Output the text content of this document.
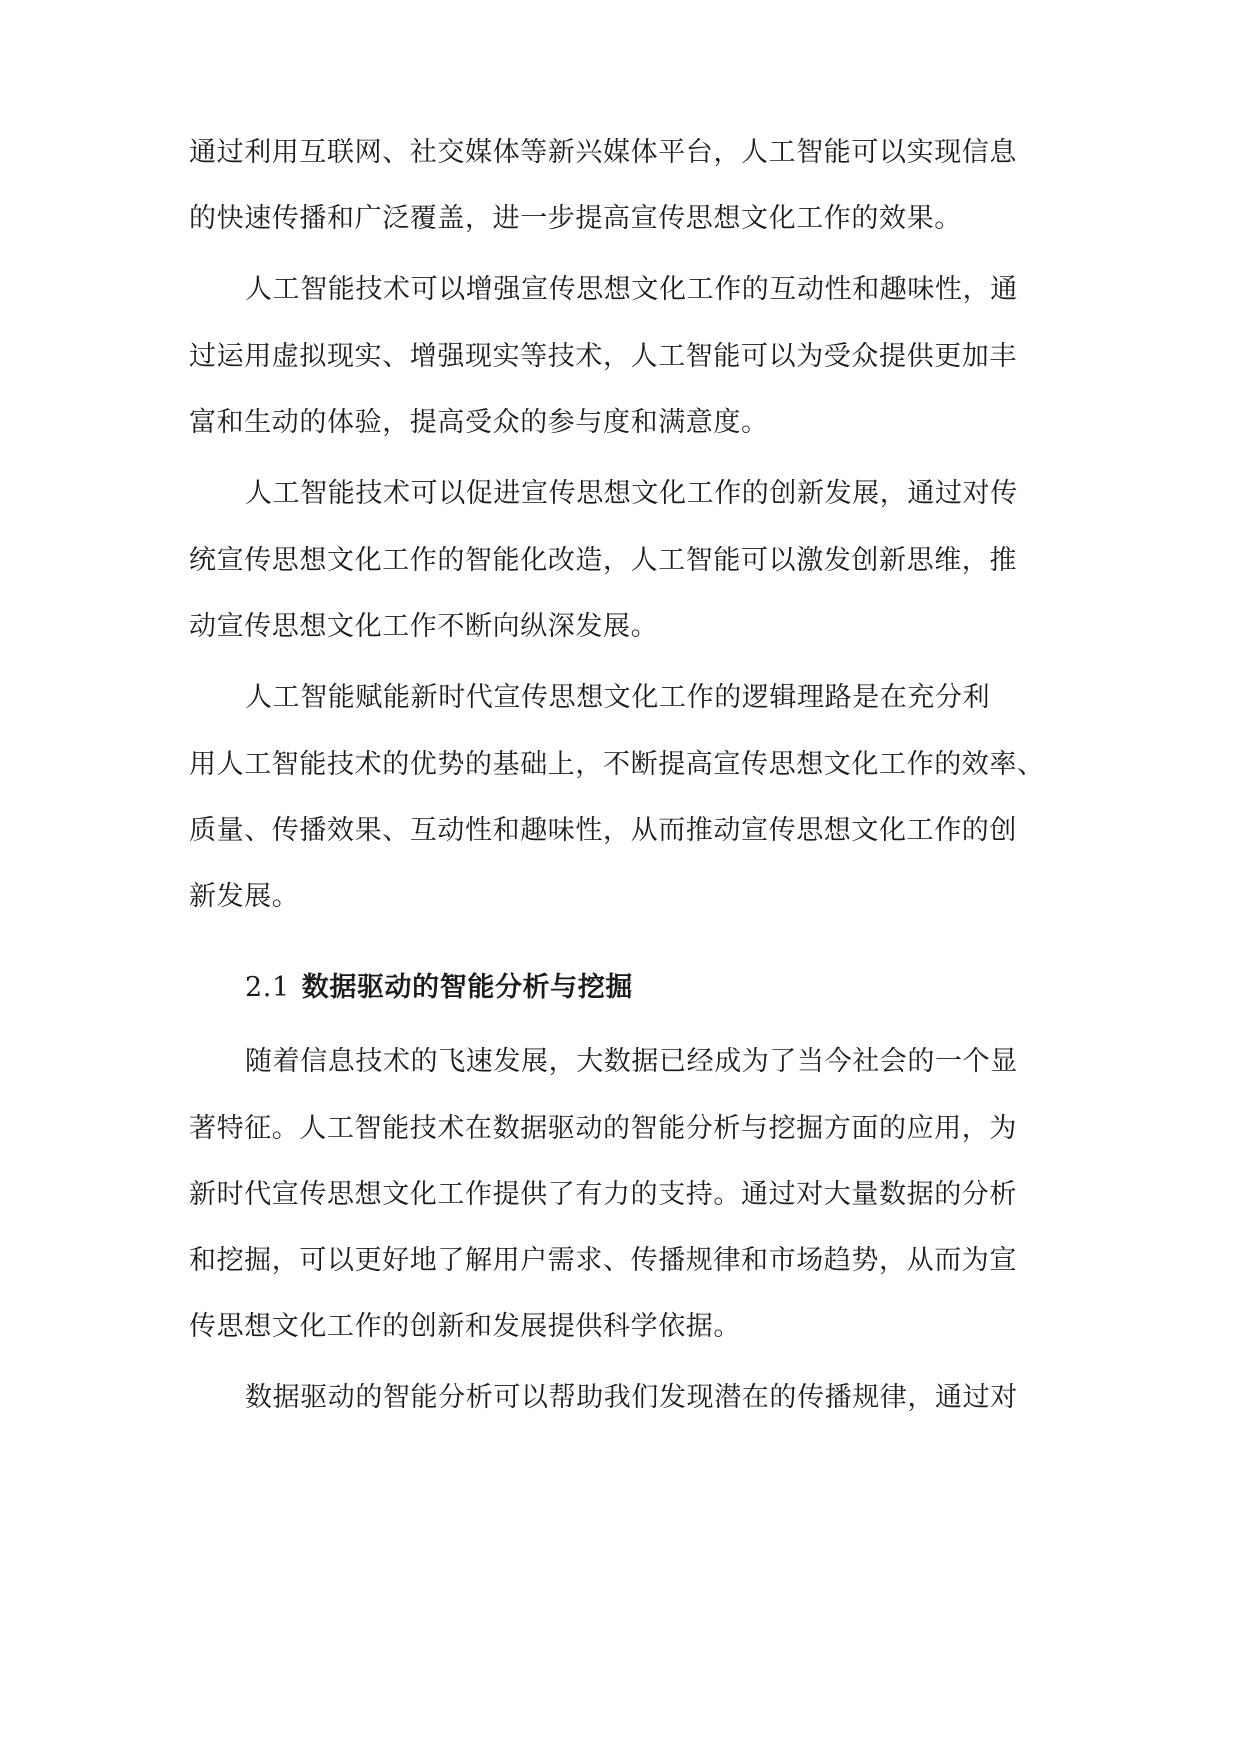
通过利用互联网、社交媒体等新兴媒体平台，人工智能可以实现信息
的快速传播和广泛覆盖，进一步提高宣传思想文化工作的效果。
人工智能技术可以增强宣传思想文化工作的互动性和趣味性，通
过运用虚拟现实、增强现实等技术，人工智能可以为受众提供更加丰
富和生动的体验，提高受众的参与度和满意度。
人工智能技术可以促进宣传思想文化工作的创新发展，通过对传
统宣传思想文化工作的智能化改造，人工智能可以激发创新思维，推
动宣传思想文化工作不断向纵深发展。
人工智能赋能新时代宣传思想文化工作的逻辑理路是在充分利
用人工智能技术的优势的基础上，不断提高宣传思想文化工作的效率、
质量、传播效果、互动性和趣味性，从而推动宣传思想文化工作的创
新发展。
2.1 数据驱动的智能分析与挖掘
随着信息技术的飞速发展，大数据已经成为了当今社会的一个显
著特征。人工智能技术在数据驱动的智能分析与挖掘方面的应用，为
新时代宣传思想文化工作提供了有力的支持。通过对大量数据的分析
和挖掘，可以更好地了解用户需求、传播规律和市场趋势，从而为宣
传思想文化工作的创新和发展提供科学依据。
数据驱动的智能分析可以帮助我们发现潜在的传播规律，通过对
